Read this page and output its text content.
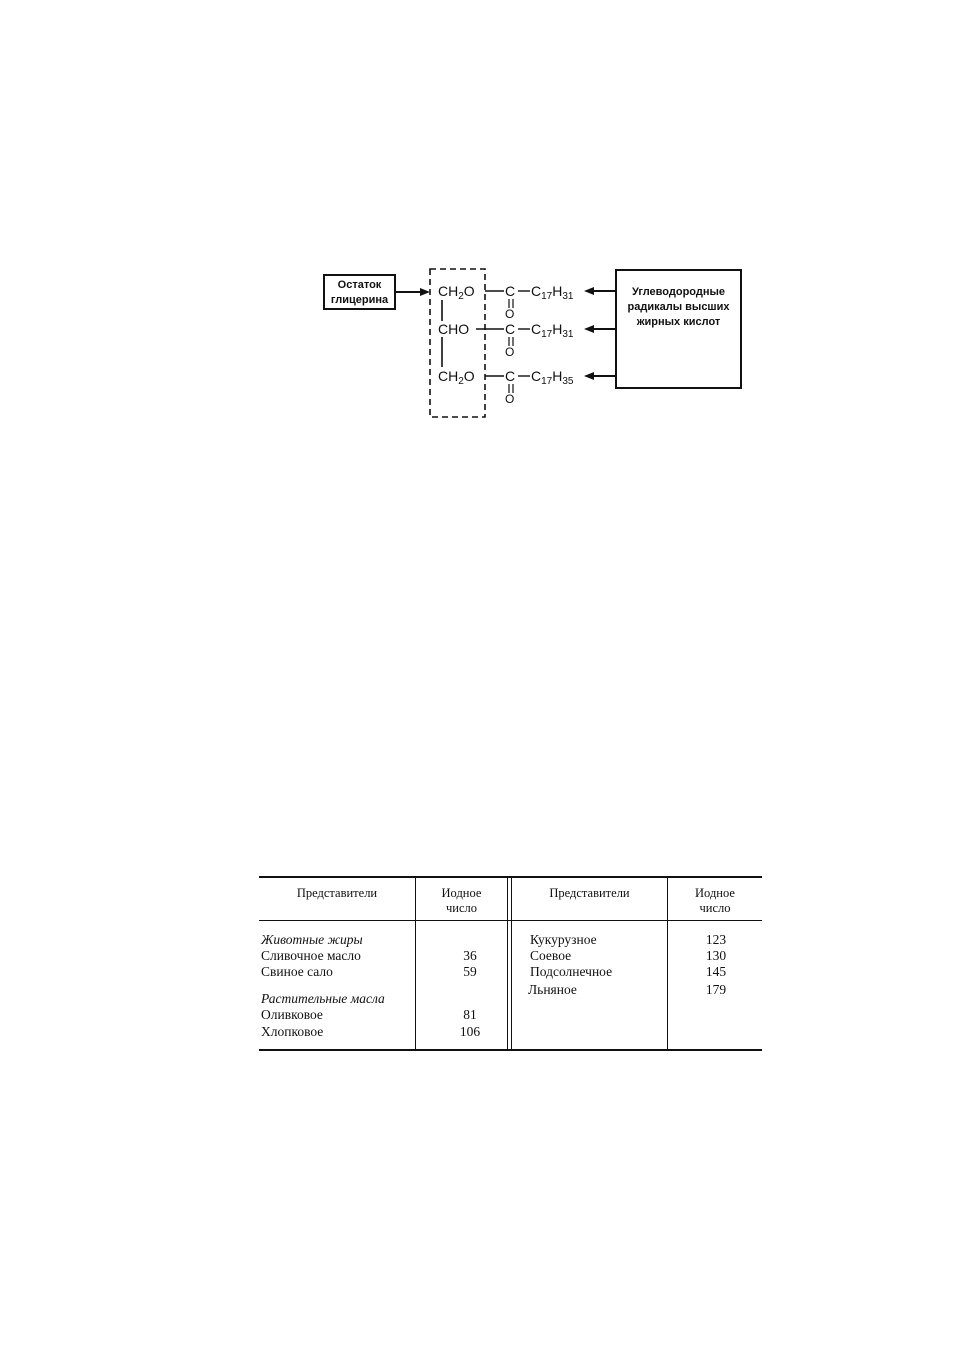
Остаток глицерина
Углеводородные радикалы высших жирных кислот
$CH_2O$ C
O
$C_{17}H_{31}$
CHO	C
O
$C_{17}H_{31}$
$CH_2O$ C
O
$C_{17}H_{35}$
Представители	Иодное
число
Представители	Иодное
число
Животные жиры
Сливочное масло	36
Свиное сало	59
Растительные масла
Оливковое	81
Хлопковое	106
Кукурузное	123
Соевое	130
Подсолнечное	145
Льняное	179
